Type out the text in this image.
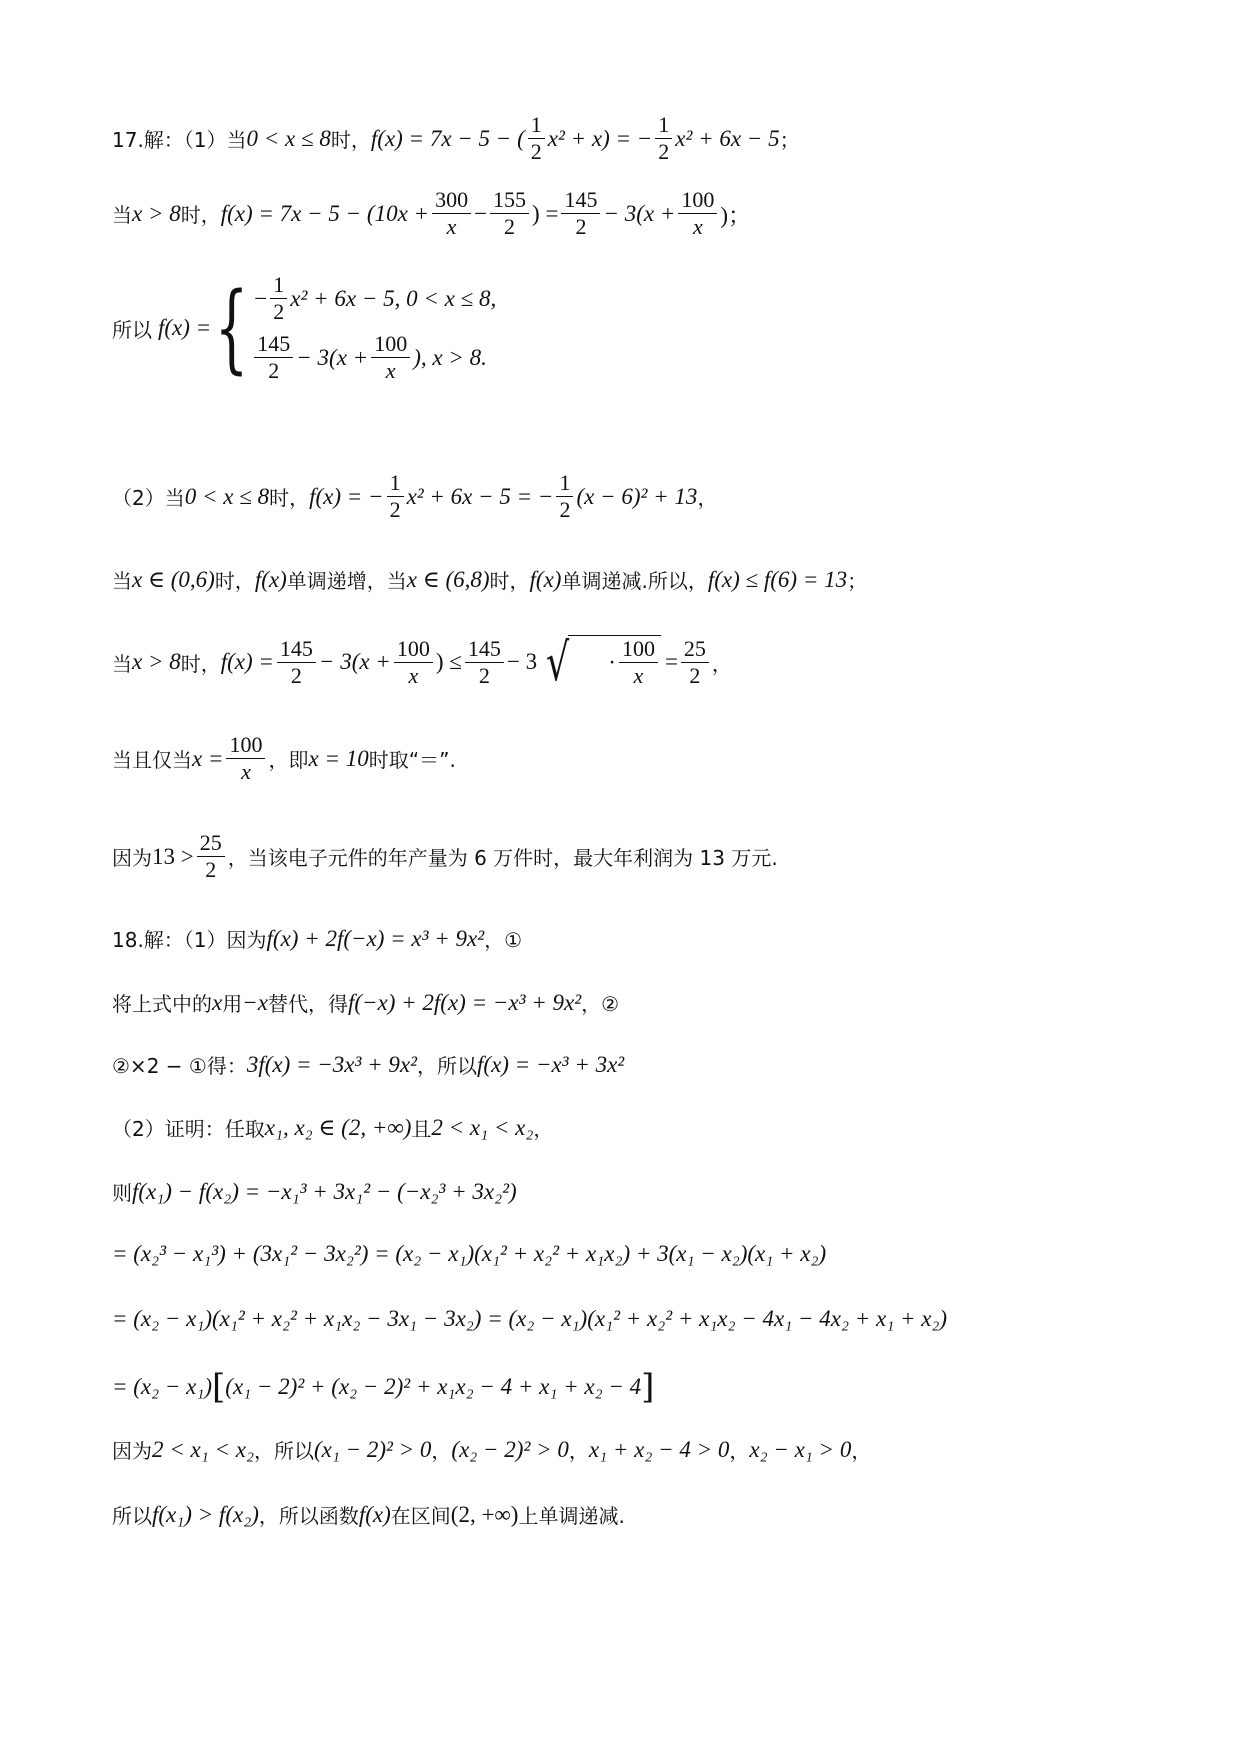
17.解：（1）当 0 < x ≤ 8 时， f(x) = 7x − 5 − ( $\frac{1}{2} x^2 + x$) = − $\frac{1}{2} x^2 + 6x - 5$ ；
当 x > 8 时， $f(x) = 7x - 5 - (10x + \frac{300}{x} - \frac{155}{2}$ ) = $\frac{145}{2} - 3(x + \frac{100}{x}$ )；
所以 f(x) = { − $\frac{1}{2} x^2 + 6x - 5$, 0 < x ≤ 8,
$\frac{145}{2} - 3(x + \frac{100}{x}$ ), x > 8.
（2）当 0 < x ≤ 8 时， f(x) = − $\frac{1}{2} x^2 + 6x - 5$ = − $\frac{1}{2} (x - 6)^2 + 13$ ，
当 x ∈ (0,6) 时， f(x) 单调递增，当 x ∈ (6,8) 时， f(x) 单调递减.所以， f(x) ≤ f(6) = 13 ；
当 x > 8 时， $f(x) = \frac{145}{2} - 3(x + \frac{100}{x}$ ) ≤ $\frac{145}{2} - 3$ √ · $\frac{100}{x} = \frac{25}{2}$ ，
当且仅当 $x = \frac{100}{x}$ ，即 x = 10 时取“＝”.
因为 $13 > \frac{25}{2}$ ，当该电子元件的年产量为 6 万件时，最大年利润为 13 万元.
18.解：（1）因为 f(x) + 2f(−x) = x³ + 9x² ，①
将上式中的 x 用 −x 替代，得 f(−x) + 2f(x) = −x³ + 9x² ，②
②×2 − ①得： 3f(x) = −3x³ + 9x² ，所以 f(x) = −x³ + 3x²
（2）证明：任取 x₁, x₂ ∈ (2, +∞) 且 2 < x₁ < x₂ ，
则 f(x₁) − f(x₂) = −x₁³ + 3x₁² − (−x₂³ + 3x₂²)
= (x₂³ − x₁³) + (3x₁² − 3x₂²) = (x₂ − x₁)(x₁² + x₂² + x₁x₂) + 3(x₁ − x₂)(x₁ + x₂)
= (x₂ − x₁)(x₁² + x₂² + x₁x₂ − 3x₁ − 3x₂) = (x₂ − x₁)(x₁² + x₂² + x₁x₂ − 4x₁ − 4x₂ + x₁ + x₂)
= (x₂ − x₁) [ (x₁ − 2)² + (x₂ − 2)² + x₁x₂ − 4 + x₁ + x₂ − 4 ]
因为 2 < x₁ < x₂ ，所以 (x₁ − 2)² > 0 ， (x₂ − 2)² > 0 ， x₁ + x₂ − 4 > 0 ， x₂ − x₁ > 0 ，
所以 f(x₁) > f(x₂) ，所以函数 f(x) 在区间 (2, +∞) 上单调递减.
